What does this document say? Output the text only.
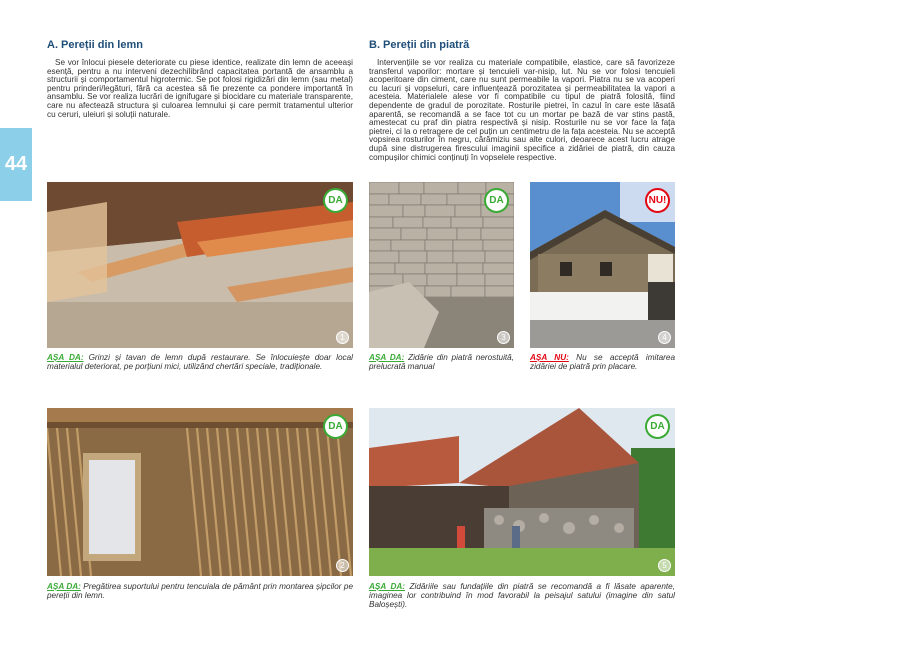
44
A. Pereții din lemn

Se vor înlocui piesele deteriorate cu piese identice, realizate din lemn de aceeași esență, pentru a nu interveni dezechilibrând capacitatea portantă de ansamblu a structurii și comportamentul higrotermic. Se pot folosi rigidizări din lemn (sau metal) pentru prinderi/legături, fără ca acestea să fie prezente ca pondere importantă în ansamblu. Se vor realiza lucrări de ignifugare și biocidare cu materiale transparente, care nu afectează structura și culoarea lemnului și care permit tratamentul ulterior cu ceruri, uleiuri și soluții naturale.

B. Pereții din piatră

Intervențiile se vor realiza cu materiale compatibile, elastice, care să favorizeze transferul vaporilor: mortare și tencuieli var-nisip, lut. Nu se vor folosi tencuieli acoperitoare din ciment, care nu sunt permeabile la vapori. Piatra nu se va acoperi cu lacuri și vopseluri, care influențează porozitatea și permeabilitatea la vapori a acesteia. Materialele alese vor fi compatibile cu tipul de piatră folosită, fiind dependente de gradul de porozitate. Rosturile pietrei, în cazul în care este lăsată aparentă, se recomandă a se face tot cu un mortar pe bază de var stins pastă, amestecat cu praf din piatra respectivă și nisip. Rosturile nu se vor face la fața pietrei, ci la o retragere de cel puțin un centimetru de la fața acesteia. Nu se acceptă vopsirea rosturilor în negru, cărămiziu sau alte culori, deoarece acest lucru atrage după sine distrugerea firescului imaginii specifice a zidăriei de piatră, din cauza compușilor chimici conținuți în vopselele respective.

DA
1

AȘA DA: Grinzi și tavan de lemn după restaurare. Se înlocuiește doar local materialul deteriorat, pe porțiuni mici, utilizând chertări speciale, tradiționale.

DA
3

AȘA DA: Zidărie din piatră nerostuită, prelucrată manual

NU!
4

AȘA NU: Nu se acceptă imitarea zidăriei de piatră prin placare.

DA
2

AȘA DA: Pregătirea suportului pentru tencuiala de pământ prin montarea șipcilor pe pereții din lemn.

DA
5

AȘA DA: Zidăriile sau fundațiile din piatră se recomandă a fi lăsate aparente, imaginea lor contribuind în mod favorabil la peisajul satului (imagine din satul Baloșești).
